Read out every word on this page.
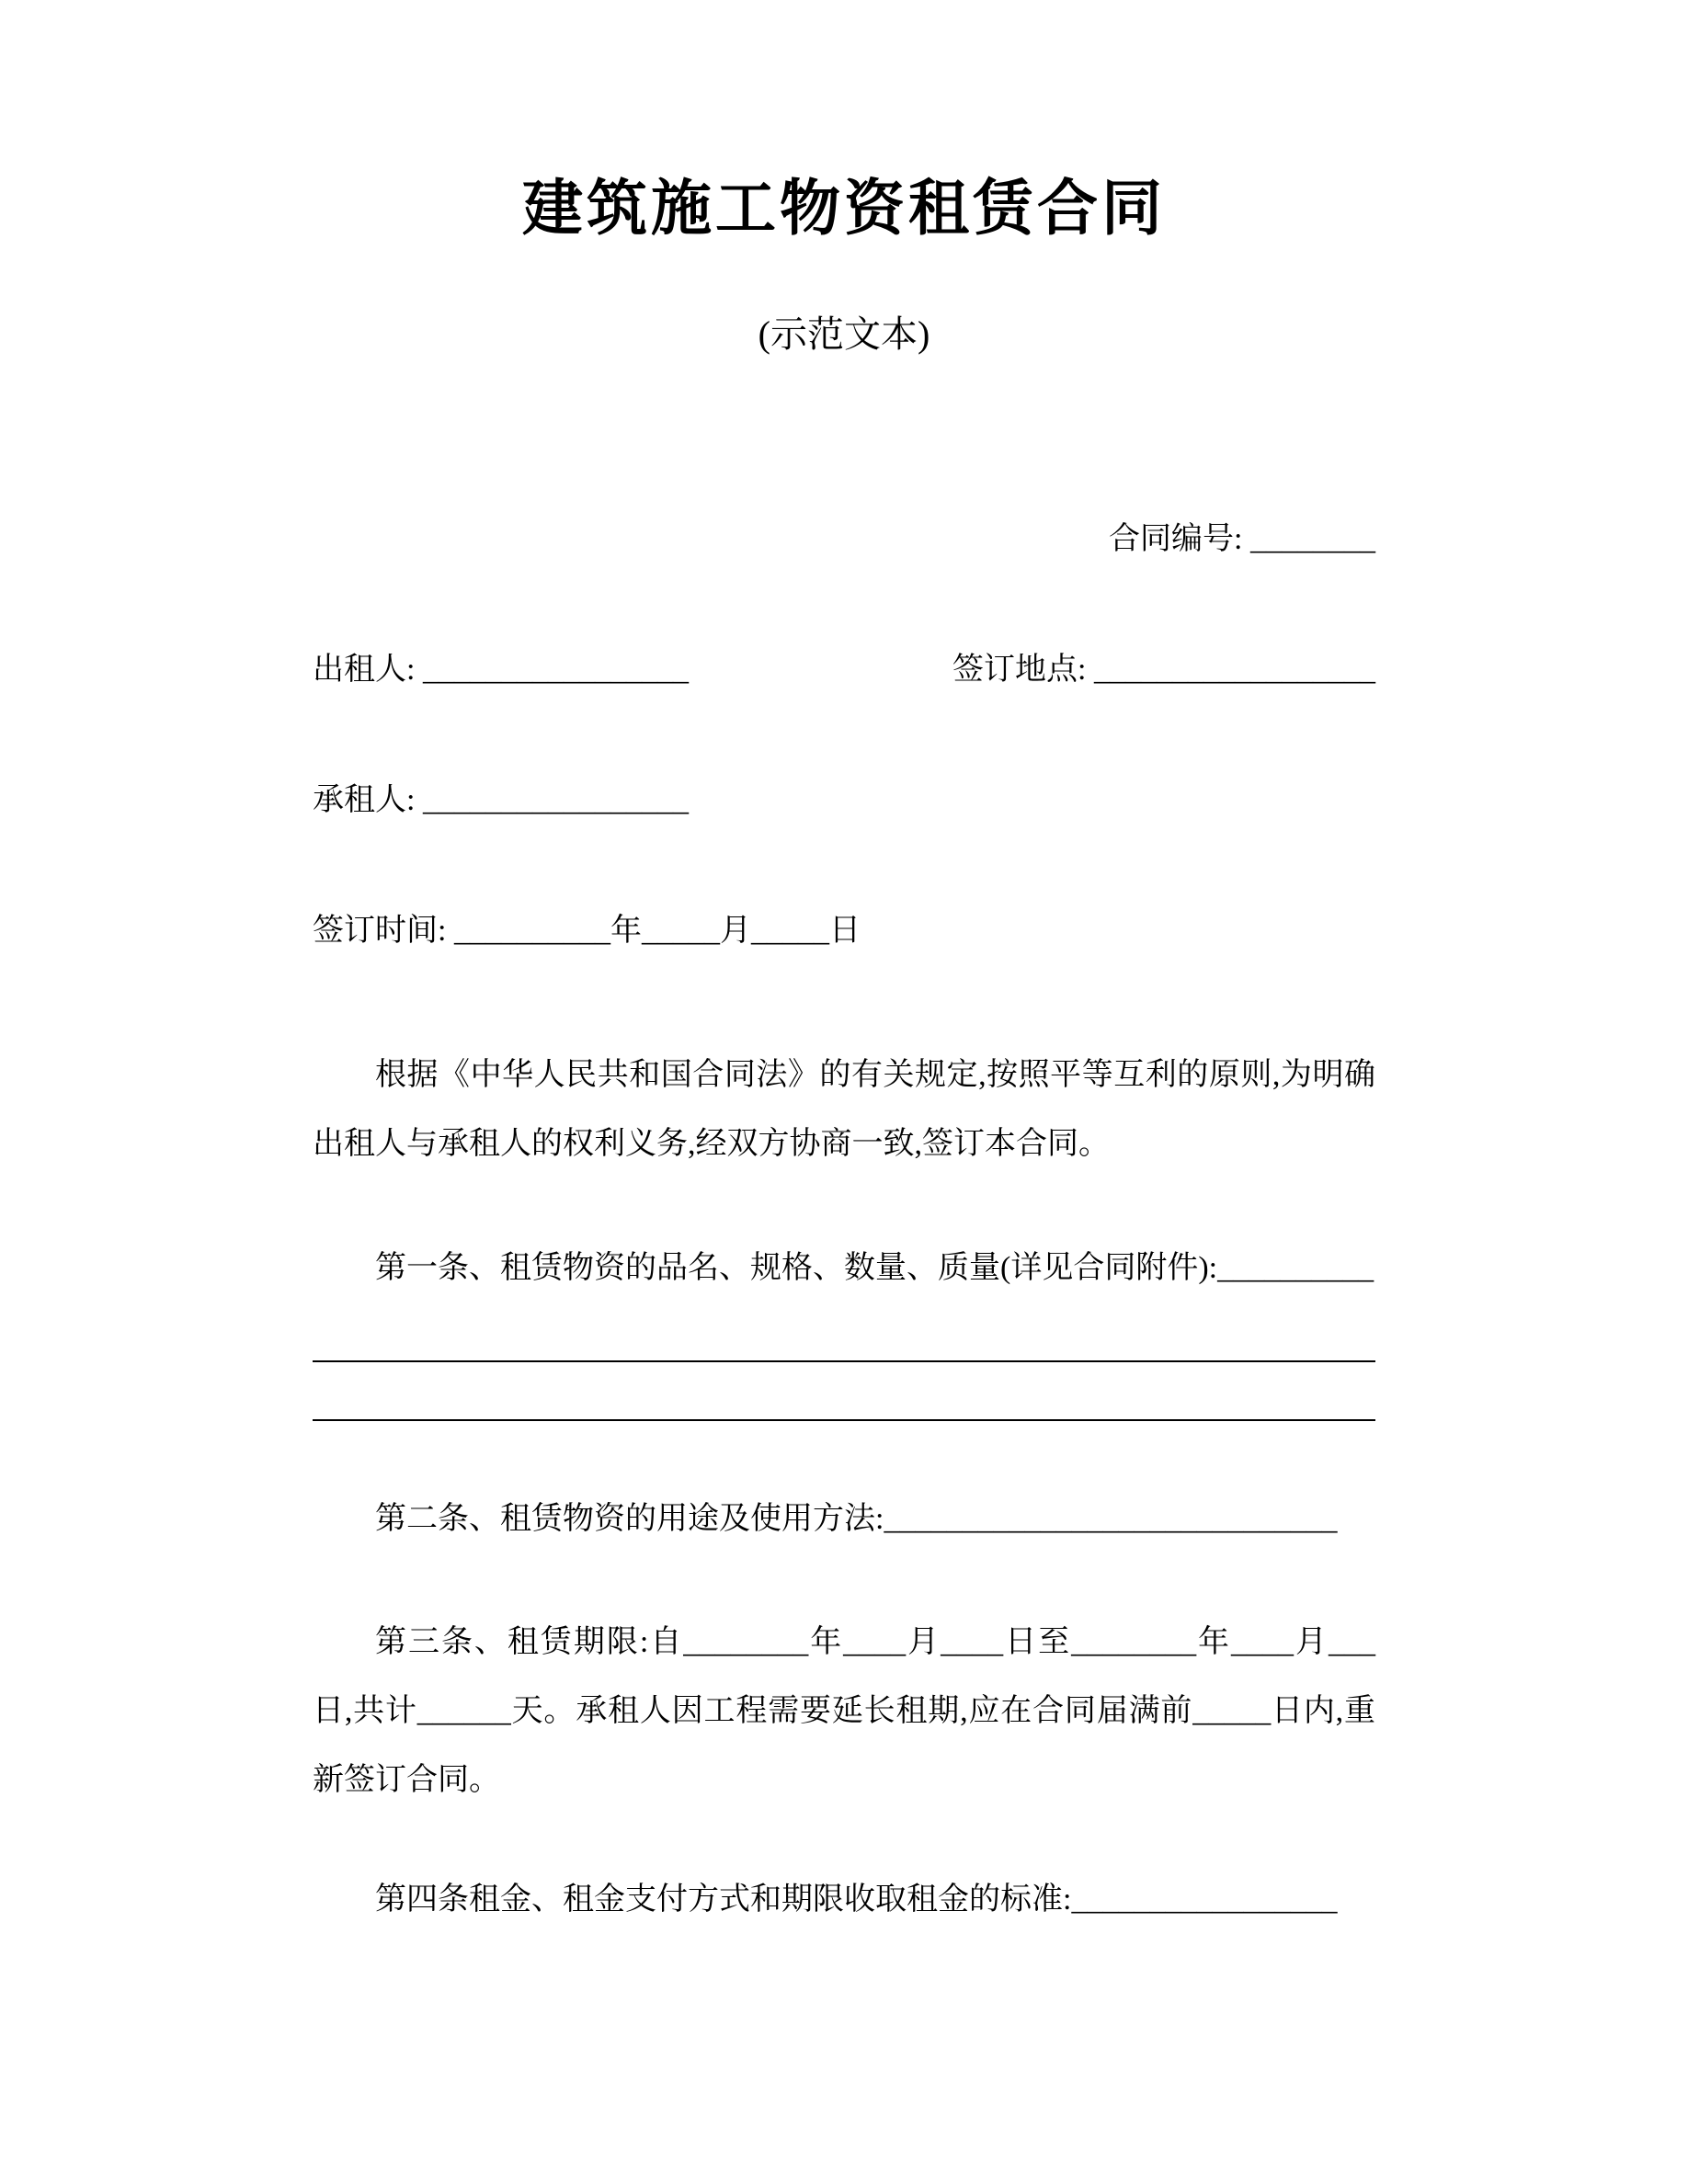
建筑施工物资租赁合同
(示范文本)
合同编号: ________
出租人: _________________	签订地点: __________________
承租人: _________________
签订时间: __________年_____月_____日

根据《中华人民共和国合同法》的有关规定,按照平等互利的原则,为明确出租人与承租人的权利义务,经双方协商一致,签订本合同。

第一条、租赁物资的品名、规格、数量、质量(详见合同附件):__________

第二条、租赁物资的用途及使用方法:_____________________________

第三条、租赁期限:自________年____月____日至________年____月___日,共计______天。承租人因工程需要延长租期,应在合同届满前_____日内,重新签订合同。

第四条租金、租金支付方式和期限收取租金的标准:_________________
